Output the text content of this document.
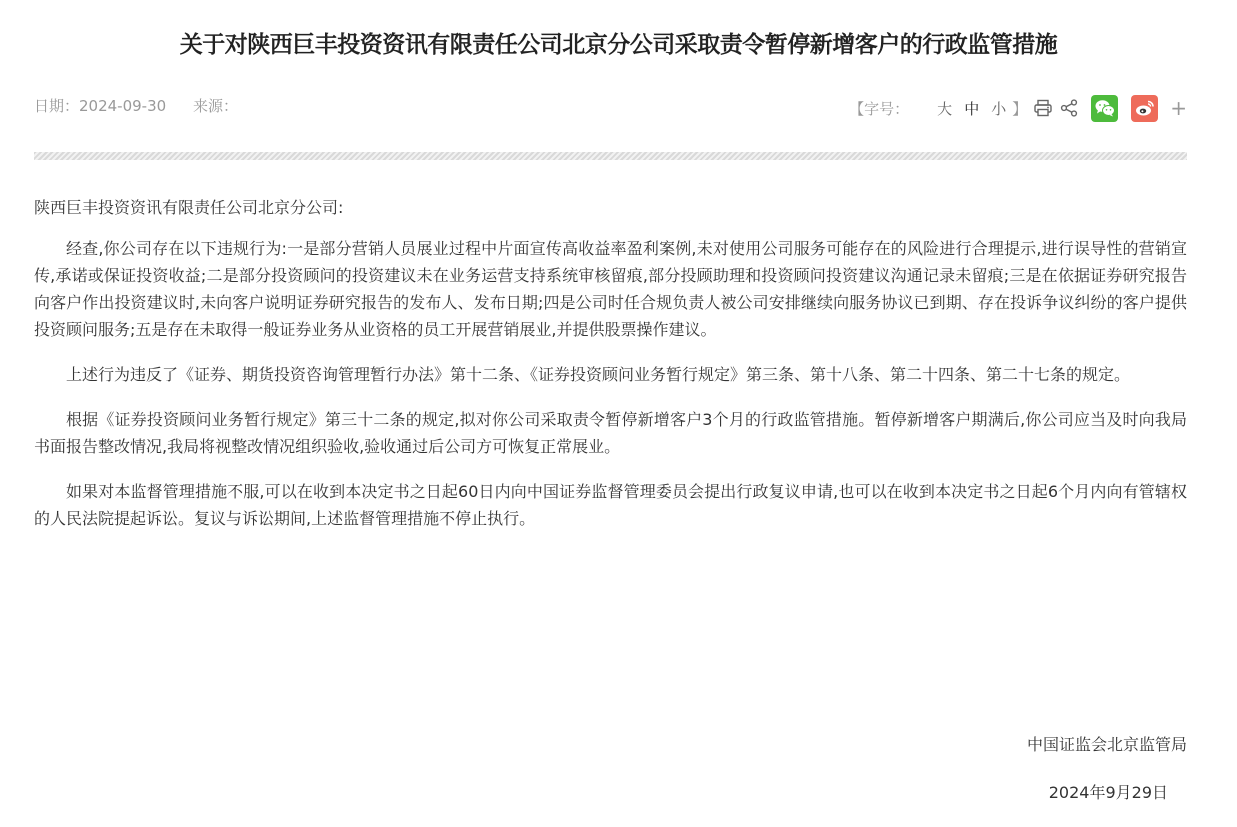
关于对陕西巨丰投资资讯有限责任公司北京分公司采取责令暂停新增客户的行政监管措施
日期：2024-09-30 来源：	【 字号： 大 中 小 】	+

陕西巨丰投资资讯有限责任公司北京分公司:

经查,你公司存在以下违规行为:一是部分营销人员展业过程中片面宣传高收益率盈利案例,未对使用公司服务可能存在的风险进行合理提示,进行误导性的营销宣传,承诺或保证投资收益;二是部分投资顾问的投资建议未在业务运营支持系统审核留痕,部分投顾助理和投资顾问投资建议沟通记录未留痕;三是在依据证券研究报告向客户作出投资建议时,未向客户说明证券研究报告的发布人、发布日期;四是公司时任合规负责人被公司安排继续向服务协议已到期、存在投诉争议纠纷的客户提供投资顾问服务;五是存在未取得一般证券业务从业资格的员工开展营销展业,并提供股票操作建议。

上述行为违反了《证券、期货投资咨询管理暂行办法》第十二条、《证券投资顾问业务暂行规定》第三条、第十八条、第二十四条、第二十七条的规定。

根据《证券投资顾问业务暂行规定》第三十二条的规定,拟对你公司采取责令暂停新增客户3个月的行政监管措施。暂停新增客户期满后,你公司应当及时向我局书面报告整改情况,我局将视整改情况组织验收,验收通过后公司方可恢复正常展业。

如果对本监督管理措施不服,可以在收到本决定书之日起60日内向中国证券监督管理委员会提出行政复议申请,也可以在收到本决定书之日起6个月内向有管辖权的人民法院提起诉讼。复议与诉讼期间,上述监督管理措施不停止执行。

中国证监会北京监管局
2024年9月29日
